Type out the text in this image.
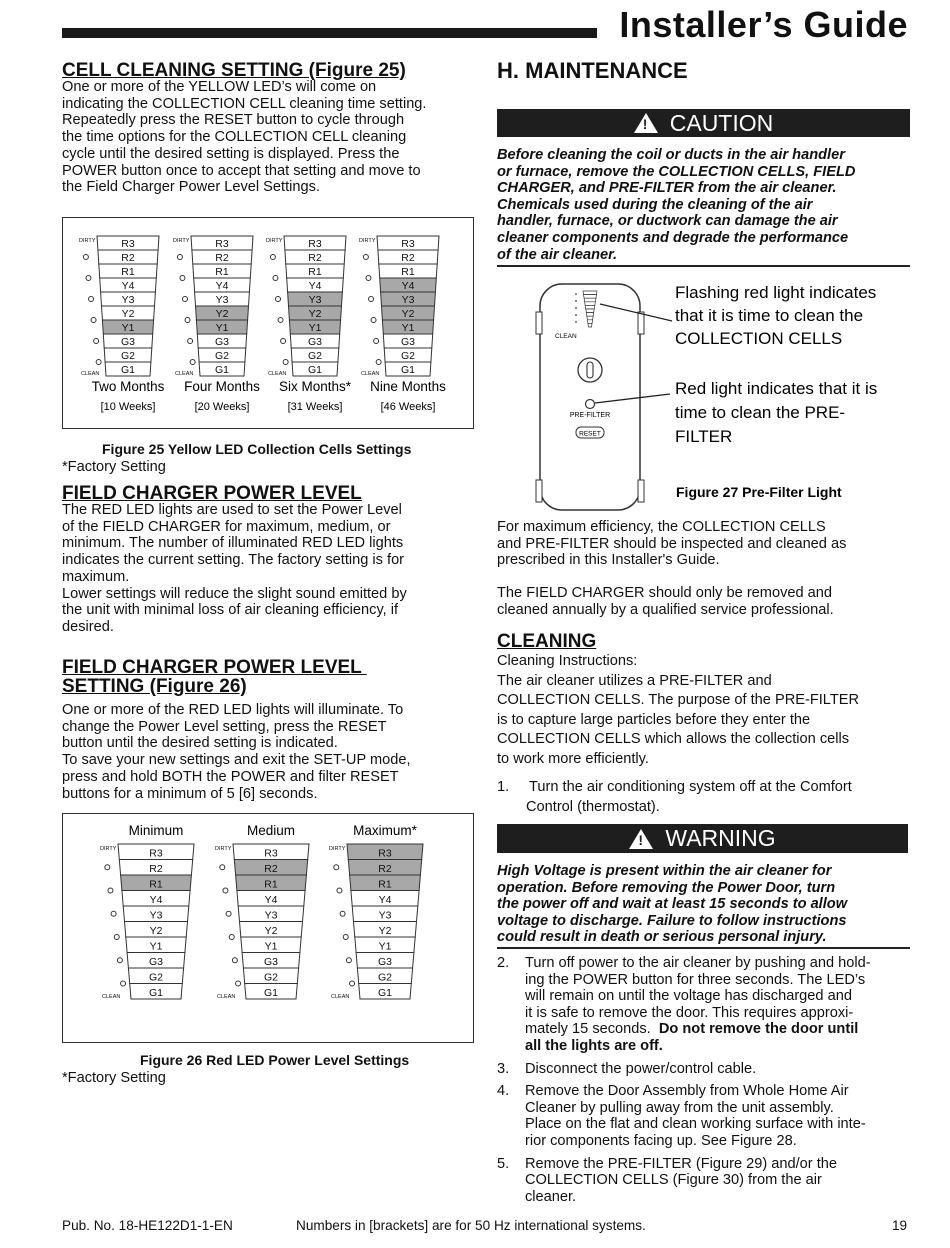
Installer’s Guide
CELL CLEANING SETTING (Figure 25)
One or more of the YELLOW LED’s will come on
indicating the COLLECTION CELL cleaning time setting.
Repeatedly press the RESET button to cycle through
the time options for the COLLECTION CELL cleaning
cycle until the desired setting is displayed. Press the
POWER button once to accept that setting and move to
the Field Charger Power Level Settings.
R3
R2
R1
Y4
Y3
Y2
Y1
G3
G2
G1
DIRTY
CLEAN
Two Months
[10 Weeks]
R3
R2
R1
Y4
Y3
Y2
Y1
G3
G2
G1
DIRTY
CLEAN
Four Months
[20 Weeks]
R3
R2
R1
Y4
Y3
Y2
Y1
G3
G2
G1
DIRTY
CLEAN
Six Months*
[31 Weeks]
R3
R2
R1
Y4
Y3
Y2
Y1
G3
G2
G1
DIRTY
CLEAN
Nine Months
[46 Weeks]
Figure 25 Yellow LED Collection Cells Settings
*Factory Setting
FIELD CHARGER POWER LEVEL
The RED LED lights are used to set the Power Level
of the FIELD CHARGER for maximum, medium, or
minimum. The number of illuminated RED LED lights
indicates the current setting. The factory setting is for
maximum.
Lower settings will reduce the slight sound emitted by
the unit with minimal loss of air cleaning efficiency, if
desired.
FIELD CHARGER POWER LEVEL
SETTING (Figure 26)
One or more of the RED LED lights will illuminate. To
change the Power Level setting, press the RESET
button until the desired setting is indicated.
To save your new settings and exit the SET-UP mode,
press and hold BOTH the POWER and filter RESET
buttons for a minimum of 5 [6] seconds.
Minimum
R3
R2
R1
Y4
Y3
Y2
Y1
G3
G2
G1
DIRTY
CLEAN
Medium
R3
R2
R1
Y4
Y3
Y2
Y1
G3
G2
G1
DIRTY
CLEAN
Maximum*
R3
R2
R1
Y4
Y3
Y2
Y1
G3
G2
G1
DIRTY
CLEAN
Figure 26 Red LED Power Level Settings
*Factory Setting
H. MAINTENANCE
!
CAUTION
Before cleaning the coil or ducts in the air handler
or furnace, remove the COLLECTION CELLS, FIELD
CHARGER, and PRE-FILTER from the air cleaner.
Chemicals used during the cleaning of the air
handler, furnace, or ductwork can damage the air
cleaner components and degrade the performance
of the air cleaner.
CLEAN
PRE-FILTER
RESET
Flashing red light indicates
that it is time to clean the
COLLECTION CELLS
Red light indicates that it is
time to clean the PRE-
FILTER
Figure 27 Pre-Filter Light
For maximum efficiency, the COLLECTION CELLS
and PRE-FILTER should be inspected and cleaned as
prescribed in this Installer's Guide.
The FIELD CHARGER should only be removed and
cleaned annually by a qualified service professional.
CLEANING
Cleaning Instructions:
The air cleaner utilizes a PRE-FILTER and
COLLECTION CELLS. The purpose of the PRE-FILTER
is to capture large particles before they enter the
COLLECTION CELLS which allows the collection cells
to work more efficiently.
1.	Turn the air conditioning system off at the Comfort
Control (thermostat).
!
WARNING
High Voltage is present within the air cleaner for
operation. Before removing the Power Door, turn
the power off and wait at least 15 seconds to allow
voltage to discharge. Failure to follow instructions
could result in death or serious personal injury.
2.	Turn off power to the air cleaner by pushing and hold-
ing the POWER button for three seconds. The LED’s
will remain on until the voltage has discharged and
it is safe to remove the door. This requires approxi-
mately 15 seconds.  Do not remove the door until
all the lights are off.
3.	Disconnect the power/control cable.
4.	Remove the Door Assembly from Whole Home Air
Cleaner by pulling away from the unit assembly.
Place on the flat and clean working surface with inte-
rior components facing up. See Figure 28.
5.	Remove the PRE-FILTER (Figure 29) and/or the
COLLECTION CELLS (Figure 30) from the air
cleaner.
Pub. No. 18-HE122D1-1-EN	Numbers in [brackets] are for 50 Hz international systems.	19
